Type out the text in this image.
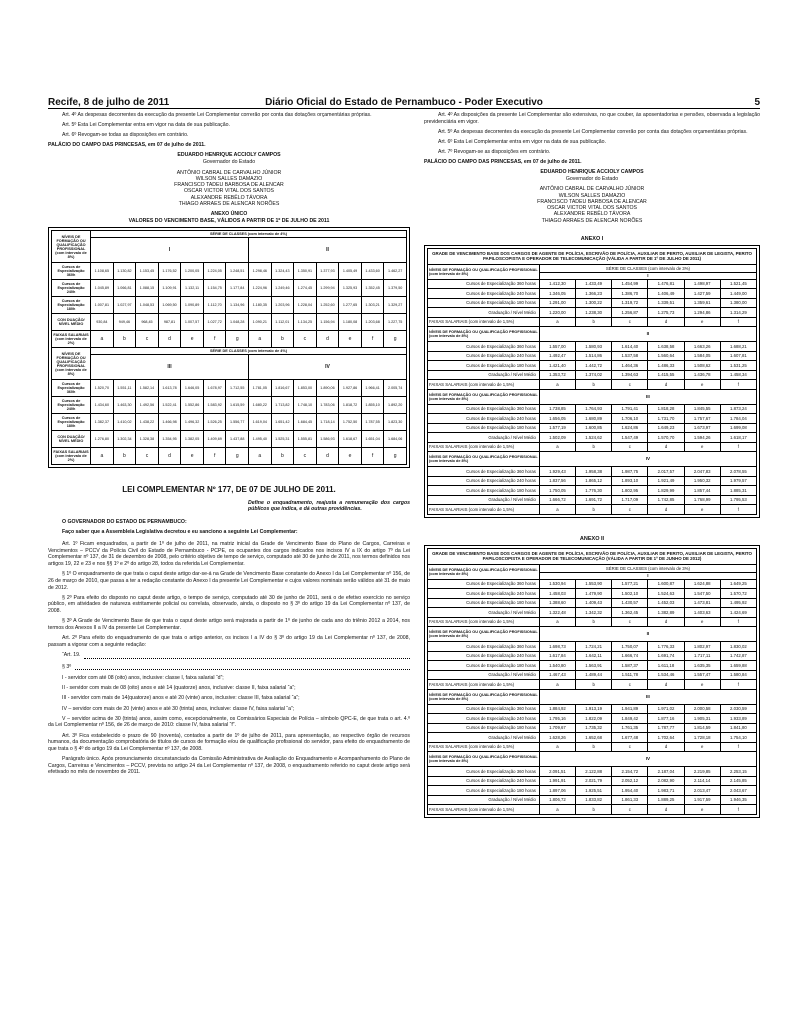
Recife, 8 de julho de 2011	Diário Oficial do Estado de Pernambuco - Poder Executivo	5

Art. 4º As despesas decorrentes da execução da presente Lei Complementar correrão por conta das dotações orçamentárias próprias.

Art. 5º Esta Lei Complementar entra em vigor na data de sua publicação.

Art. 6º Revogam-se todas as disposições em contrário.

PALÁCIO DO CAMPO DAS PRINCESAS, em 07 de julho de 2011.

EDUARDO HENRIQUE ACCIOLY CAMPOS
Governador do Estado
ANTÔNIO CABRAL DE CARVALHO JÚNIOR
WILSON SALLES DAMAZIO
FRANCISCO TADEU BARBOSA DE ALENCAR
OSCAR VICTOR VITAL DOS SANTOS
ALEXANDRE REBÊLO TÁVORA
THIAGO ARRAES DE ALENCAR NORÕES
ANEXO ÚNICO
VALORES DO VENCIMENTO BASE, VÁLIDOS A PARTIR DE 1º DE JULHO DE 2011
NÍVEIS DE FORMAÇÃO OU QUALIFICAÇÃO PROFISSIONAL (com intervalo de 8%)	SÉRIE DE CLASSES (com intervalo de 4%)													
	I							II						
Cursos de Especialização 360h	1.108,65	1.130,82	1.153,45	1.176,52	1.200,05	1.224,05	1.248,51	1.298,46	1.324,43	1.350,91	1.377,93	1.405,49	1.433,60	1.462,27
Cursos de Especialização 240h	1.045,89	1.066,81	1.088,15	1.109,91	1.132,11	1.154,75	1.177,84	1.224,96	1.249,46	1.274,45	1.299,94	1.325,93	1.352,45	1.379,50
Cursos de Especialização 180h	1.007,81	1.027,97	1.048,53	1.069,50	1.090,89	1.112,70	1.134,96	1.180,35	1.203,96	1.228,04	1.252,60	1.277,65	1.303,21	1.329,27
CON DUAÇÃO/ NÍVEL MÉDIO	930,84	949,46	968,45	987,81	1.007,57	1.027,72	1.048,28	1.090,21	1.112,01	1.134,25	1.156,94	1.180,08	1.203,68	1.227,75
FAIXAS SALARIAIS (com intervalo de 2%)	a	b	c	d	e	f	g	a	b	c	d	e	f	g
NÍVEIS DE FORMAÇÃO OU QUALIFICAÇÃO PROFISSIONAL (com intervalo de 8%)	SÉRIE DE CLASSES (com intervalo de 4%)													
	III							IV						
Cursos de Especialização 360h	1.520,70	1.551,11	1.582,14	1.613,78	1.646,05	1.678,97	1.712,55	1.781,05	1.816,67	1.853,00	1.890,06	1.927,86	1.966,41	2.005,74
Cursos de Especialização 240h	1.434,60	1.463,30	1.492,56	1.522,41	1.552,86	1.583,92	1.615,59	1.680,22	1.713,82	1.748,10	1.783,06	1.818,72	1.855,10	1.892,20
Cursos de Especialização 180h	1.382,37	1.410,02	1.438,22	1.466,98	1.496,32	1.526,25	1.556,77	1.619,04	1.651,42	1.684,45	1.718,14	1.752,50	1.787,55	1.823,30
CON DUAÇÃO/ NÍVEL MÉDIO	1.276,80	1.302,34	1.328,38	1.354,95	1.382,05	1.409,69	1.437,88	1.495,40	1.525,31	1.555,81	1.586,93	1.618,67	1.651,04	1.684,06
FAIXAS SALARIAIS (com intervalo de 2%)	a	b	c	d	e	f	g	a	b	c	d	e	f	g
LEI COMPLEMENTAR Nº 177, DE 07 DE JULHO DE 2011.
Define o enquadramento, reajusta a remuneração dos cargos públicos que indica, e dá outras providências.

O GOVERNADOR DO ESTADO DE PERNAMBUCO:

Faço saber que a Assembleia Legislativa decretou e eu sanciono a seguinte Lei Complementar:

Art. 1º Ficam enquadrados, a partir de 1º de julho de 2011, na matriz inicial da Grade de Vencimento Base do Plano de Cargos, Carreiras e Vencimentos – PCCV da Polícia Civil do Estado de Pernambuco - PCPE, os ocupantes dos cargos indicados nos incisos IV a IX do artigo 7º da Lei Complementar nº 137, de 31 de dezembro de 2008, pelo critério objetivo de tempo de serviço, computado até 30 de junho de 2011, nos termos definidos nos artigos 19, 22 e 23 e nos §§ 1º e 2º do artigo 28, todos da referida Lei Complementar.

§ 1º O enquadramento de que trata o caput deste artigo dar-se-á na Grade de Vencimento Base constante do Anexo I da Lei Complementar nº 156, de 26 de março de 2010, que passa a ter a redação constante do Anexo I da presente Lei Complementar e cujos valores nominais serão válidos até 31 de maio de 2012.

§ 2º Para efeito do disposto no caput deste artigo, o tempo de serviço, computado até 30 de junho de 2011, será o de efetivo exercício no serviço público, em atividades de natureza estritamente policial ou correlata, observado, ainda, o disposto no § 3º do artigo 19 da Lei Complementar nº 137, de 2008.

§ 3º A Grade de Vencimento Base de que trata o caput deste artigo será majorada a partir de 1º de junho de cada ano do triênio 2012 a 2014, nos termos dos Anexos II a IV da presente Lei Complementar.

Art. 2º Para efeito do enquadramento de que trata o artigo anterior, os incisos I a IV do § 3º do artigo 19 da Lei Complementar nº 137, de 2008, passam a vigorar com a seguinte redação:

“Art. 19.
§ 3º

I - servidor com até 08 (oito) anos, inclusive: classe I, faixa salarial “d”;

II - servidor com mais de 08 (oito) anos e até 14 (quatorze) anos, inclusive: classe II, faixa salarial “a”;

III - servidor com mais de 14(quatorze) anos e até 20 (vinte) anos, inclusive: classe III, faixa salarial “a”;

IV – servidor com mais de 20 (vinte) anos e até 30 (trinta) anos, inclusive: classe IV, faixa salarial “a”;

V – servidor acima de 30 (trinta) anos, assim como, excepcionalmente, os Comissários Especiais de Polícia – símbolo QPC-E, de que trata o art. 4.º da Lei Complementar nº 156, de 26 de março de 2010: classe IV, faixa salarial “f”.

Art. 3º Fica estabelecido o prazo de 90 (noventa), contados a partir de 1º de julho de 2011, para apresentação, ao respectivo órgão de recursos humanos, da documentação comprobatória de títulos de cursos de formação e/ou de qualificação profissional do servidor, para efeito do enquadramento de que trata o § 4º do artigo 19 da Lei Complementar nº 137, de 2008.

Parágrafo único. Após pronunciamento circunstanciado da Comissão Administrativa de Avaliação do Enquadramento e Acompanhamento do Plano de Cargos, Carreiras e Vencimentos – PCCV, prevista no artigo 24 da Lei Complementar nº 137, de 2008, o enquadramento referido no caput deste artigo será efetivado no mês de novembro de 2011.

Art. 4º As disposições da presente Lei Complementar são extensivas, no que couber, às aposentadorias e pensões, observada a legislação previdenciária em vigor.

Art. 5º As despesas decorrentes da execução da presente Lei Complementar correrão por conta das dotações orçamentárias próprias.

Art. 6º Esta Lei Complementar entra em vigor na data de sua publicação.

Art. 7º Revogam-se as disposições em contrário.

PALÁCIO DO CAMPO DAS PRINCESAS, em 07 de julho de 2011.

EDUARDO HENRIQUE ACCIOLY CAMPOS
Governador do Estado
ANTÔNIO CABRAL DE CARVALHO JÚNIOR
WILSON SALLES DAMAZIO
FRANCISCO TADEU BARBOSA DE ALENCAR
OSCAR VICTOR VITAL DOS SANTOS
ALEXANDRE REBÊLO TÁVORA
THIAGO ARRAES DE ALENCAR NORÕES
ANEXO I
GRADE DE VENCIMENTO BASE DOS CARGOS DE AGENTE DE POLÍCIA, ESCRIVÃO DE POLÍCIA, AUXILIAR DE PERITO, AUXILIAR DE LEGISTA, PERITO PAPILOSCOPISTA E OPERADOR DE TELECOMUNICAÇÃO (VÁLIDA A PARTIR DE 1º DE JULHO DE 2011)						
NÍVEIS DE FORMAÇÃO OU QUALIFICAÇÃO PROFISSIONAL (com intervalo de 8%)	SÉRIE DE CLASSES (com intervalo de 3%)					
	I					
Cursos de Especialização 360 horas	1.412,30	1.433,49	1.454,99	1.476,81	1.498,97	1.521,45
Cursos de Especialização 240 horas	1.346,05	1.366,23	1.386,70	1.406,49	1.427,59	1.449,00
Cursos de Especialização 180 horas	1.291,00	1.300,22	1.319,72	1.339,51	1.359,61	1.380,00
Graduação / Nível Médio	1.220,00	1.238,30	1.256,87	1.275,73	1.294,86	1.314,29
FAIXAS SALARIAIS (com intervalo de 1,5%)	a	b	c	d	e	f
NÍVEIS DE FORMAÇÃO OU QUALIFICAÇÃO PROFISSIONAL (com intervalo de 8%)	II					

Cursos de Especialização 360 horas	1.557,00	1.580,93	1.614,40	1.638,58	1.663,26	1.688,21
Cursos de Especialização 240 horas	1.492,47	1.514,86	1.537,58	1.560,64	1.584,05	1.607,81
Cursos de Especialização 180 horas	1.421,40	1.442,72	1.464,36	1.486,33	1.508,62	1.531,25
Graduação / Nível Médio	1.353,72	1.374,02	1.394,63	1.415,55	1.436,78	1.458,34
FAIXAS SALARIAIS (com intervalo de 1,5%)	a	b	c	d	e	f
NÍVEIS DE FORMAÇÃO OU QUALIFICAÇÃO PROFISSIONAL (com intervalo de 8%)	III					

Cursos de Especialização 360 horas	1.738,85	1.764,93	1.791,41	1.818,28	1.845,55	1.873,24
Cursos de Especialização 240 horas	1.656,05	1.680,89	1.706,10	1.731,70	1.757,67	1.784,04
Cursos de Especialização 180 horas	1.577,19	1.600,85	1.624,86	1.649,23	1.673,97	1.699,08
Graduação / Nível Médio	1.502,09	1.524,62	1.547,49	1.570,70	1.594,26	1.618,17
FAIXAS SALARIAIS (com intervalo de 1,5%)	a	b	c	d	e	f
NÍVEIS DE FORMAÇÃO OU QUALIFICAÇÃO PROFISSIONAL (com intervalo de 8%)	IV					

Cursos de Especialização 360 horas	1.929,43	1.958,38	1.987,75	2.017,57	2.047,83	2.078,55
Cursos de Especialização 240 horas	1.837,56	1.865,12	1.893,10	1.921,49	1.950,32	1.979,57
Cursos de Especialização 180 horas	1.750,05	1.776,30	1.802,95	1.829,99	1.857,44	1.885,31
Graduação / Nível Médio	1.666,72	1.691,72	1.717,09	1.742,85	1.768,99	1.795,53
FAIXAS SALARIAIS (com intervalo de 1,5%)	a	b	c	d	e	f
ANEXO II
GRADE DE VENCIMENTO BASE DOS CARGOS DE AGENTE DE POLÍCIA, ESCRIVÃO DE POLÍCIA, AUXILIAR DE PERITO, AUXILIAR DE LEGISTA, PERITO PAPILOSCOPISTA E OPERADOR DE TELECOMUNICAÇÃO (VÁLIDA A PARTIR DE 1º DE JUNHO DE 2012)						
NÍVEIS DE FORMAÇÃO OU QUALIFICAÇÃO PROFISSIONAL (com intervalo de 8%)	SÉRIE DE CLASSES (com intervalo de 3%)					
	I					
Cursos de Especialização 360 horas	1.530,94	1.553,90	1.577,21	1.600,87	1.624,88	1.649,25
Cursos de Especialização 240 horas	1.458,03	1.479,90	1.502,10	1.524,63	1.547,50	1.570,72
Cursos de Especialização 180 horas	1.388,60	1.409,43	1.430,57	1.452,03	1.473,81	1.495,92
Graduação / Nível Médio	1.322,48	1.342,32	1.362,45	1.382,89	1.403,63	1.424,69
FAIXAS SALARIAIS (com intervalo de 1,5%)	a	b	c	d	e	f
NÍVEIS DE FORMAÇÃO OU QUALIFICAÇÃO PROFISSIONAL (com intervalo de 8%)	II					

Cursos de Especialização 360 horas	1.698,73	1.724,21	1.750,07	1.776,33	1.802,97	1.830,02
Cursos de Especialização 240 horas	1.617,84	1.642,11	1.666,74	1.691,74	1.717,11	1.742,87
Cursos de Especialização 180 horas	1.540,80	1.563,91	1.587,37	1.611,18	1.635,35	1.659,88
Graduação / Nível Médio	1.467,43	1.489,44	1.511,78	1.534,46	1.557,47	1.580,84
FAIXAS SALARIAIS (com intervalo de 1,5%)	a	b	c	d	e	f
NÍVEIS DE FORMAÇÃO OU QUALIFICAÇÃO PROFISSIONAL (com intervalo de 8%)	III					

Cursos de Especialização 360 horas	1.884,92	1.913,19	1.941,89	1.971,02	2.000,58	2.030,59
Cursos de Especialização 240 horas	1.795,16	1.822,09	1.849,42	1.877,16	1.905,31	1.933,89
Cursos de Especialização 180 horas	1.709,67	1.735,32	1.761,35	1.787,77	1.814,59	1.841,80
Graduação / Nível Médio	1.628,26	1.652,68	1.677,48	1.702,64	1.728,18	1.754,10
FAIXAS SALARIAIS (com intervalo de 1,5%)	a	b	c	d	e	f
NÍVEIS DE FORMAÇÃO OU QUALIFICAÇÃO PROFISSIONAL (com intervalo de 8%)	IV					

Cursos de Especialização 360 horas	2.091,51	2.122,88	2.154,72	2.187,04	2.219,85	2.253,15
Cursos de Especialização 240 horas	1.991,91	2.021,79	2.052,12	2.082,90	2.114,14	2.145,85
Cursos de Especialização 180 horas	1.897,06	1.925,51	1.954,40	1.983,71	2.013,47	2.043,67
Graduação / Nível Médio	1.806,72	1.833,82	1.861,33	1.889,25	1.917,59	1.946,35
FAIXAS SALARIAIS (com intervalo de 1,5%)	a	b	c	d	e	f
